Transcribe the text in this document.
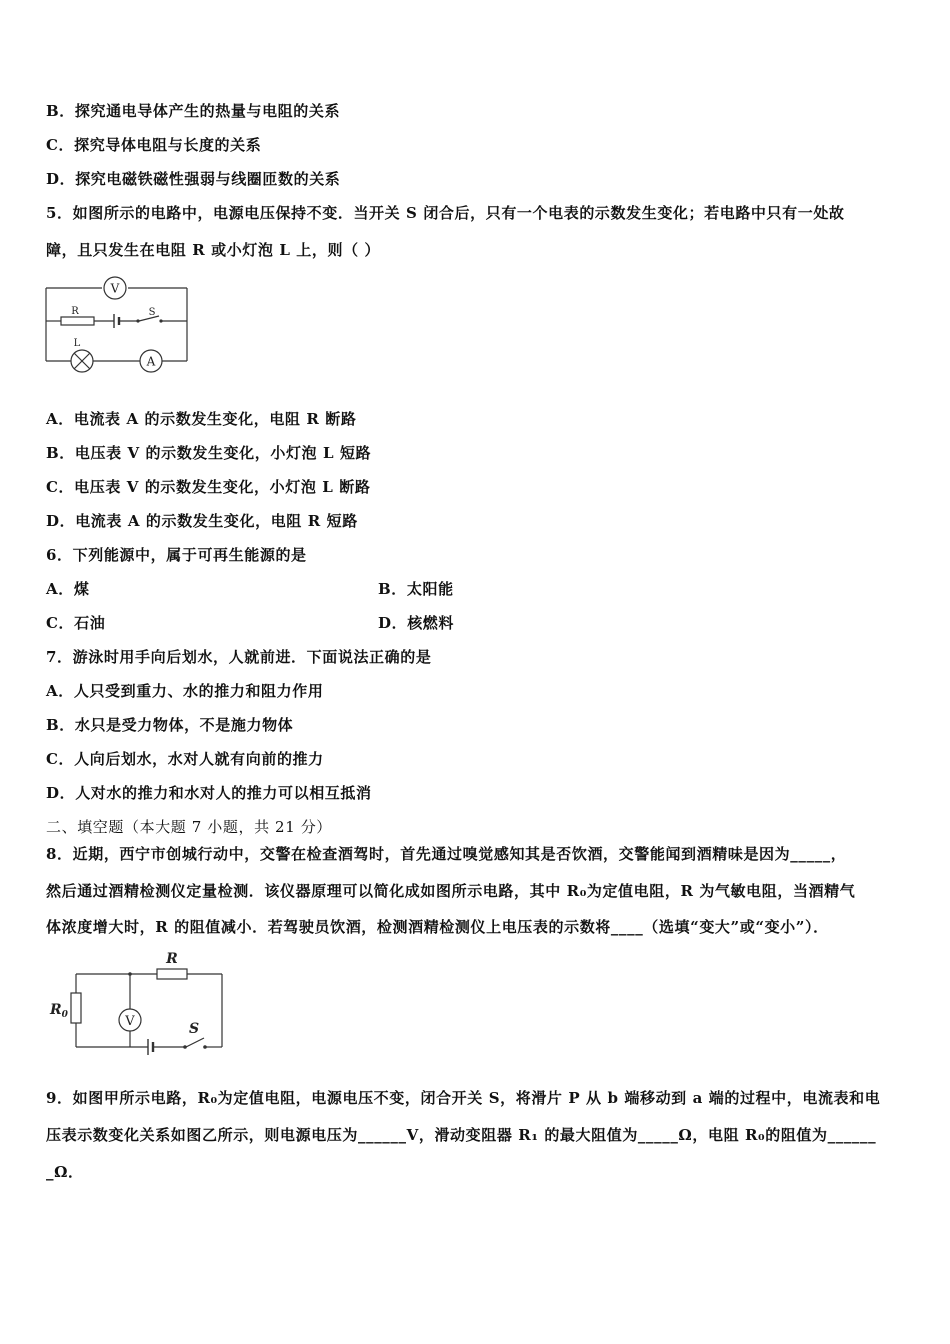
B．探究通电导体产生的热量与电阻的关系
C．探究导体电阻与长度的关系
D．探究电磁铁磁性强弱与线圈匝数的关系
5．如图所示的电路中，电源电压保持不变．当开关 S 闭合后，只有一个电表的示数发生变化；若电路中只有一处故
障，且只发生在电阻 R 或小灯泡 L 上，则（ ）
V
R	S
L
A
A．电流表 A 的示数发生变化，电阻 R 断路
B．电压表 V 的示数发生变化，小灯泡 L 短路
C．电压表 V 的示数发生变化，小灯泡 L 断路
D．电流表 A 的示数发生变化，电阻 R 短路
6．下列能源中，属于可再生能源的是
A．煤	B．太阳能
C．石油	D．核燃料
7．游泳时用手向后划水，人就前进．下面说法正确的是
A．人只受到重力、水的推力和阻力作用
B．水只是受力物体，不是施力物体
C．人向后划水，水对人就有向前的推力
D．人对水的推力和水对人的推力可以相互抵消
二、填空题（本大题 7 小题，共 21 分）
8．近期，西宁市创城行动中，交警在检查酒驾时，首先通过嗅觉感知其是否饮酒，交警能闻到酒精味是因为_____，
然后通过酒精检测仪定量检测．该仪器原理可以简化成如图所示电路，其中 R₀为定值电阻，R 为气敏电阻，当酒精气
体浓度增大时，R 的阻值减小．若驾驶员饮酒，检测酒精检测仪上电压表的示数将____（选填“变大”或“变小”）．
R
$R_0$	V	S
9．如图甲所示电路，R₀为定值电阻，电源电压不变，闭合开关 S，将滑片 P 从 b 端移动到 a 端的过程中，电流表和电
压表示数变化关系如图乙所示，则电源电压为______V，滑动变阻器 R₁ 的最大阻值为_____Ω，电阻 R₀的阻值为______
_Ω．
